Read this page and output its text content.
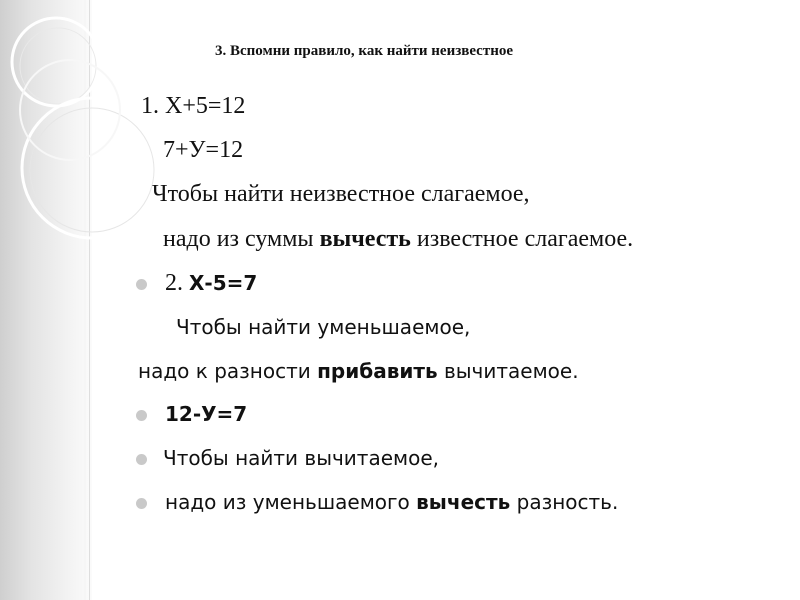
3. Вспомни правило, как найти неизвестное
1. Х+5=12
7+У=12
Чтобы найти неизвестное слагаемое,
надо из суммы вычесть известное слагаемое.
2. Х-5=7
Чтобы найти уменьшаемое,
надо к разности прибавить вычитаемое.
12-У=7
Чтобы найти вычитаемое,
надо из уменьшаемого вычесть разность.
